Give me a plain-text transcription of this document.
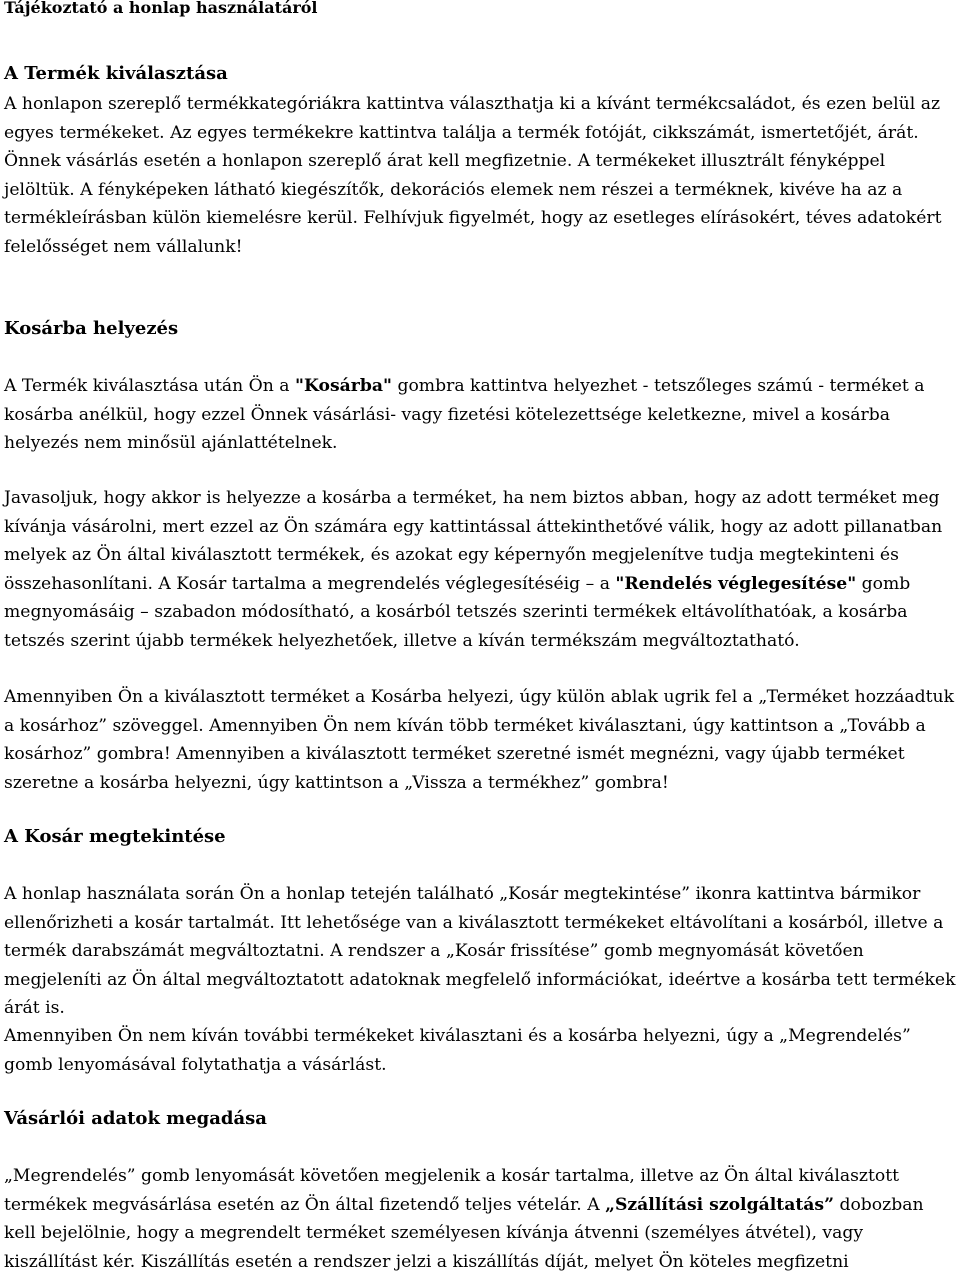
Tájékoztató a honlap használatáról
A Termék kiválasztása

A honlapon szereplő termékkategóriákra kattintva választhatja ki a kívánt termékcsaládot, és ezen belül az egyes termékeket. Az egyes termékekre kattintva találja a termék fotóját, cikkszámát, ismertetőjét, árát. Önnek vásárlás esetén a honlapon szereplő árat kell megfizetnie. A termékeket illusztrált fényképpel jelöltük. A fényképeken látható kiegészítők, dekorációs elemek nem részei a terméknek, kivéve ha az a termékleírásban külön kiemelésre kerül. Felhívjuk figyelmét, hogy az esetleges elírásokért, téves adatokért felelősséget nem vállalunk!

Kosárba helyezés

A Termék kiválasztása után Ön a "Kosárba" gombra kattintva helyezhet - tetszőleges számú - terméket a kosárba anélkül, hogy ezzel Önnek vásárlási- vagy fizetési kötelezettsége keletkezne, mivel a kosárba helyezés nem minősül ajánlattételnek.

Javasoljuk, hogy akkor is helyezze a kosárba a terméket, ha nem biztos abban, hogy az adott terméket meg kívánja vásárolni, mert ezzel az Ön számára egy kattintással áttekinthetővé válik, hogy az adott pillanatban melyek az Ön által kiválasztott termékek, és azokat egy képernyőn megjelenítve tudja megtekinteni és összehasonlítani. A Kosár tartalma a megrendelés véglegesítéséig – a "Rendelés véglegesítése" gomb megnyomásáig – szabadon módosítható, a kosárból tetszés szerinti termékek eltávolíthatóak, a kosárba tetszés szerint újabb termékek helyezhetőek, illetve a kíván termékszám megváltoztatható.

Amennyiben Ön a kiválasztott terméket a Kosárba helyezi, úgy külön ablak ugrik fel a „Terméket hozzáadtuk a kosárhoz” szöveggel. Amennyiben Ön nem kíván több terméket kiválasztani, úgy kattintson a „Tovább a kosárhoz” gombra! Amennyiben a kiválasztott terméket szeretné ismét megnézni, vagy újabb terméket szeretne a kosárba helyezni, úgy kattintson a „Vissza a termékhez” gombra!

A Kosár megtekintése

A honlap használata során Ön a honlap tetején található „Kosár megtekintése” ikonra kattintva bármikor ellenőrizheti a kosár tartalmát. Itt lehetősége van a kiválasztott termékeket eltávolítani a kosárból, illetve a termék darabszámát megváltoztatni. A rendszer a „Kosár frissítése” gomb megnyomását követően megjeleníti az Ön által megváltoztatott adatoknak megfelelő információkat, ideértve a kosárba tett termékek árát is.

Amennyiben Ön nem kíván további termékeket kiválasztani és a kosárba helyezni, úgy a „Megrendelés” gomb lenyomásával folytathatja a vásárlást.

Vásárlói adatok megadása

„Megrendelés” gomb lenyomását követően megjelenik a kosár tartalma, illetve az Ön által kiválasztott termékek megvásárlása esetén az Ön által fizetendő teljes vételár. A „Szállítási szolgáltatás” dobozban kell bejelölnie, hogy a megrendelt terméket személyesen kívánja átvenni (személyes átvétel), vagy kiszállítást kér. Kiszállítás esetén a rendszer jelzi a kiszállítás díját, melyet Ön köteles megfizetni
